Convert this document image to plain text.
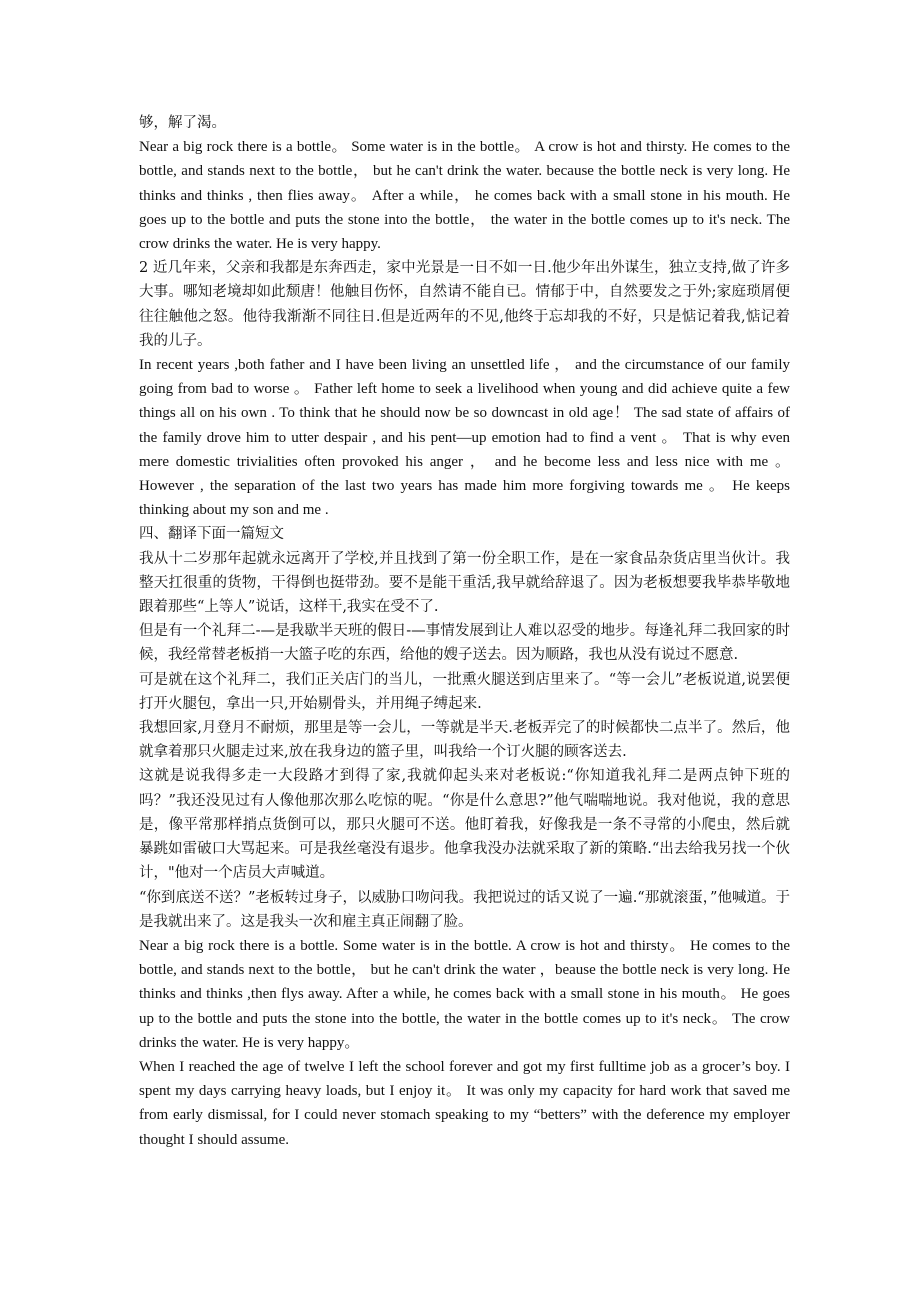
够，解了渴。

Near a big rock there is a bottle。 Some water is in the bottle。 A crow is hot and thirsty. He comes to the bottle, and stands next to the bottle， but he can't drink the water. because the bottle neck is very long. He thinks and thinks , then flies away。 After a while， he comes back with a small stone in his mouth. He goes up to the bottle and puts the stone into the bottle， the water in the bottle comes up to it's neck. The crow drinks the water. He is very happy.

2 近几年来，父亲和我都是东奔西走，家中光景是一日不如一日.他少年出外谋生，独立支持,做了许多大事。哪知老境却如此颓唐！他触目伤怀，自然请不能自已。情郁于中，自然要发之于外;家庭琐屑便往往触他之怒。他待我渐渐不同往日.但是近两年的不见,他终于忘却我的不好，只是惦记着我,惦记着我的儿子。

In recent years ,both father and I have been living an unsettled life ， and the circumstance of our family going from bad to worse 。 Father left home to seek a livelihood when young and did achieve quite a few things all on his own . To think that he should now be so downcast in old age！ The sad state of affairs of the family drove him to utter despair , and his pent—up emotion had to find a vent 。 That is why even mere domestic trivialities often provoked his anger ， and he become less and less nice with me 。 However , the separation of the last two years has made him more forgiving towards me 。 He keeps thinking about my son and me .

四、翻译下面一篇短文

我从十二岁那年起就永远离开了学校,并且找到了第一份全职工作，是在一家食品杂货店里当伙计。我整天扛很重的货物，干得倒也挺带劲。要不是能干重活,我早就给辞退了。因为老板想要我毕恭毕敬地跟着那些“上等人”说话，这样干,我实在受不了.

但是有一个礼拜二-—是我歇半天班的假日-—事情发展到让人难以忍受的地步。每逢礼拜二我回家的时候，我经常替老板捎一大篮子吃的东西，给他的嫂子送去。因为顺路，我也从没有说过不愿意.

可是就在这个礼拜二，我们正关店门的当儿，一批熏火腿送到店里来了。“等一会儿”老板说道,说罢便打开火腿包，拿出一只,开始剔骨头，并用绳子缚起来.

我想回家,月登月不耐烦，那里是等一会儿，一等就是半天.老板弄完了的时候都快二点半了。然后，他就拿着那只火腿走过来,放在我身边的篮子里，叫我给一个订火腿的顾客送去.

这就是说我得多走一大段路才到得了家,我就仰起头来对老板说:“你知道我礼拜二是两点钟下班的吗？”我还没见过有人像他那次那么吃惊的呢。“你是什么意思?”他气喘喘地说。我对他说，我的意思是，像平常那样捎点货倒可以，那只火腿可不送。他盯着我，好像我是一条不寻常的小爬虫，然后就暴跳如雷破口大骂起来。可是我丝毫没有退步。他拿我没办法就采取了新的策略.“出去给我另找一个伙计，"他对一个店员大声喊道。

“你到底送不送？”老板转过身子，以威胁口吻问我。我把说过的话又说了一遍.“那就滚蛋，”他喊道。于是我就出来了。这是我头一次和雇主真正闹翻了脸。

Near a big rock there is a bottle. Some water is in the bottle. A crow is hot and thirsty。 He comes to the bottle, and stands next to the bottle， but he can't drink the water ，beause the bottle neck is very long. He thinks and thinks ,then flys away. After a while, he comes back with a small stone in his mouth。 He goes up to the bottle and puts the stone into the bottle, the water in the bottle comes up to it's neck。 The crow drinks the water. He is very happy。

When I reached the age of twelve I left the school forever and got my first fulltime job as a grocer’s boy. I spent my days carrying heavy loads, but I enjoy it。 It was only my capacity for hard work that saved me from early dismissal, for I could never stomach speaking to my “betters” with the deference my employer thought I should assume.
